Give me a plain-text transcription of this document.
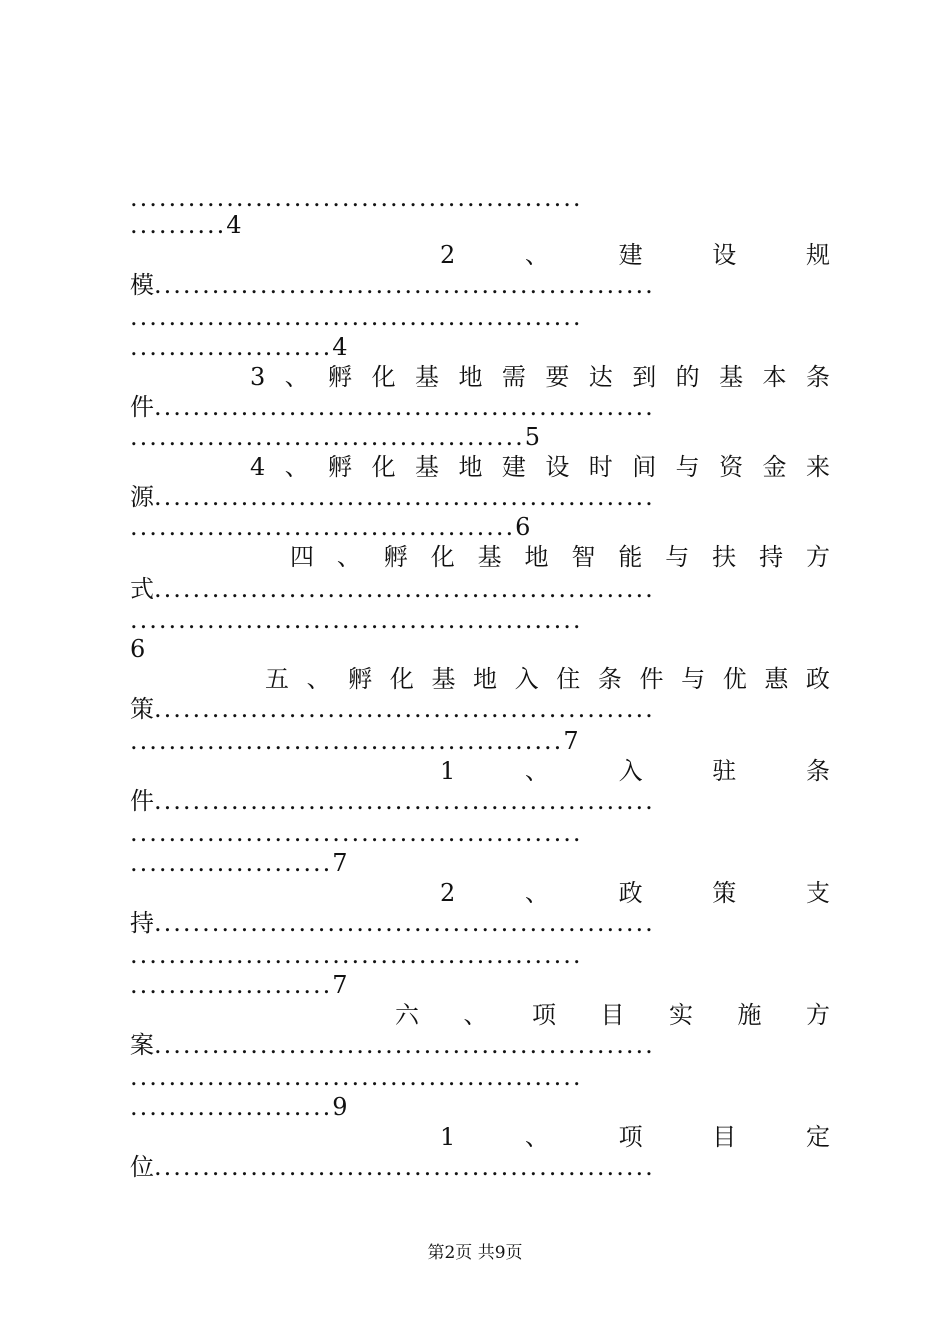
...............................................
..........4
2	、	建	设	规
模....................................................
...............................................
.....................4
3 、 孵 化 基 地 需 要 达 到 的 基 本 条
件....................................................
.........................................5
4 、 孵 化 基 地 建 设 时 间 与 资 金 来
源....................................................
........................................6
四 、 孵 化 基 地 智 能 与 扶 持 方
式....................................................
...............................................
6
五 、 孵 化 基 地 入 住 条 件 与 优 惠 政
策....................................................
.............................................7
1	、	入	驻	条
件....................................................
...............................................
.....................7
2	、	政	策	支
持....................................................
...............................................
.....................7
六 、 项 目 实 施 方
案....................................................
...............................................
.....................9
1	、	项	目	定
位....................................................
第2页 共9页
